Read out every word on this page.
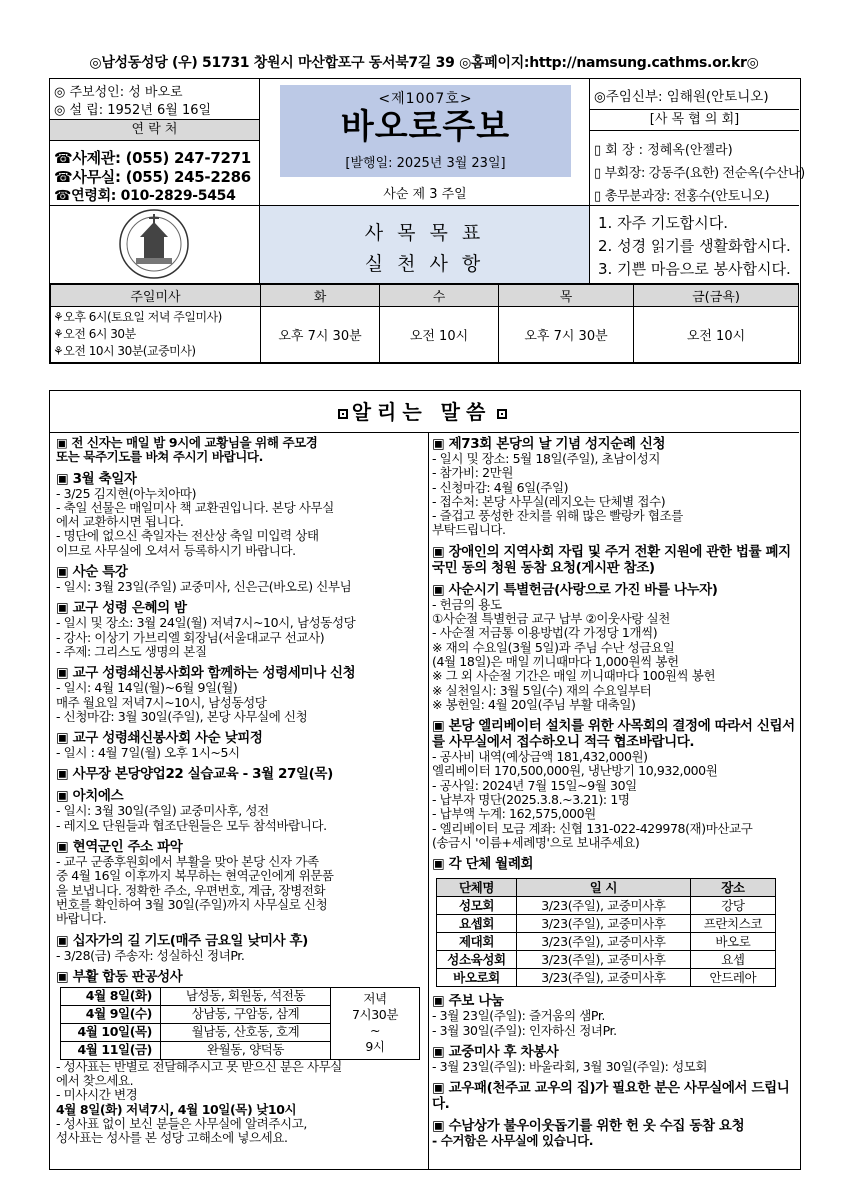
◎남성동성당 (우) 51731 창원시 마산합포구 동서북7길 39 ◎홈페이지:http://namsung.cathms.or.kr◎
◎ 주보성인: 성 바오로
◎ 설 립: 1952년 6월 16일
연 락 처
☎사제관: (055) 247-7271
☎사무실: (055) 245-2286
☎연령회: 010-2829-5454
<제1007호>
바오로주보
[발행일: 2025년 3월 23일]
사순 제 3 주일
◎주임신부: 임해원(안토니오)
[사 목 협 의 회]
▯ 회 장 : 정혜옥(안젤라)
▯ 부회장: 강동주(요한) 전순옥(수산나)
▯ 총무분과장: 전홍수(안토니오)
사 목 목 표
실 천 사 항
1. 자주 기도합시다.
2. 성경 읽기를 생활화합시다.
3. 기쁜 마음으로 봉사합시다.
주일미사	화	수	목	금(금욕)

⚘오후 6시(토요일 저녁 주일미사)
⚘오전 6시 30분
⚘오전 10시 30분(교중미사)	오후 7시 30분	오전 10시	오후 7시 30분	오전 10시
알리는 말씀
▣ 전 신자는 매일 밤 9시에 교황님을 위해 주모경
또는 묵주기도를 바쳐 주시기 바랍니다.
▣ 3월 축일자
- 3/25 김지현(아누치아따)
- 축일 선물은 매일미사 책 교환권입니다. 본당 사무실
에서 교환하시면 됩니다.
- 명단에 없으신 축일자는 전산상 축일 미입력 상태
이므로 사무실에 오셔서 등록하시기 바랍니다.
▣ 사순 특강
- 일시: 3월 23일(주일) 교중미사, 신은근(바오로) 신부님
▣ 교구 성령 은혜의 밤
- 일시 및 장소: 3월 24일(월) 저녁7시~10시, 남성동성당
- 강사: 이상기 가브리엘 회장님(서울대교구 선교사)
- 주제: 그리스도 생명의 본질
▣ 교구 성령쇄신봉사회와 함께하는 성령세미나 신청
- 일시: 4월 14일(월)~6월 9일(월)
매주 월요일 저녁7시~10시, 남성동성당
- 신청마감: 3월 30일(주일), 본당 사무실에 신청
▣ 교구 성령쇄신봉사회 사순 낮피정
- 일시 : 4월 7일(월) 오후 1시~5시
▣ 사무장 본당양업22 실습교육 - 3월 27일(목)
▣ 아치에스
- 일시: 3월 30일(주일) 교중미사후, 성전
- 레지오 단원들과 협조단원들은 모두 참석바랍니다.
▣ 현역군인 주소 파악
- 교구 군종후원회에서 부활을 맞아 본당 신자 가족
중 4월 16일 이후까지 복무하는 현역군인에게 위문품
을 보냅니다. 정확한 주소, 우편번호, 계급, 장병전화
번호를 확인하여 3월 30일(주일)까지 사무실로 신청
바랍니다.
▣ 십자가의 길 기도(매주 금요일 낮미사 후)
- 3/28(금) 주송자: 성실하신 정녀Pr.
▣ 부활 합동 판공성사
4월 8일(화)	남성동, 회원동, 석전동	저녁
7시30분
~
9시

4월 9일(수)	상남동, 구암동, 삼계	
4월 10일(목)	월남동, 산호동, 호계	
4월 11일(금)	완월동, 양덕동	
- 성사표는 반별로 전달해주시고 못 받으신 분은 사무실
에서 찾으세요.
- 미사시간 변경
4월 8일(화) 저녁7시, 4월 10일(목) 낮10시
- 성사표 없이 보신 분들은 사무실에 알려주시고,
성사표는 성사를 본 성당 고해소에 넣으세요.
▣ 제73회 본당의 날 기념 성지순례 신청
- 일시 및 장소: 5월 18일(주일), 초남이성지
- 참가비: 2만원
- 신청마감: 4월 6일(주일)
- 접수처: 본당 사무실(레지오는 단체별 접수)
- 즐겁고 풍성한 잔치를 위해 많은 빨랑카 협조를
부탁드립니다.
▣ 장애인의 지역사회 자립 및 주거 전환 지원에 관한 법률 폐지 국민 동의 청원 동참 요청(게시판 참조)
▣ 사순시기 특별헌금(사랑으로 가진 바를 나누자)
- 헌금의 용도
①사순절 특별헌금 교구 납부 ②이웃사랑 실천
- 사순절 저금통 이용방법(각 가정당 1개씩)
※ 재의 수요일(3월 5일)과 주님 수난 성금요일
(4월 18일)은 매일 끼니때마다 1,000원씩 봉헌
※ 그 외 사순절 기간은 매일 끼니때마다 100원씩 봉헌
※ 실천일시: 3월 5일(수) 재의 수요일부터
※ 봉헌일: 4월 20일(주님 부활 대축일)
▣ 본당 엘리베이터 설치를 위한 사목회의 결정에 따라서 신립서를 사무실에서 접수하오니 적극 협조바랍니다.
- 공사비 내역(예상금액 181,432,000원)
엘리베이터 170,500,000원, 냉난방기 10,932,000원
- 공사일: 2024년 7월 15일~9월 30일
- 납부자 명단(2025.3.8.~3.21): 1명
- 납부액 누계: 162,575,000원
- 엘리베이터 모금 계좌: 신협 131-022-429978(재)마산교구
(송금시 '이름+세례명'으로 보내주세요)
▣ 각 단체 월례회
단체명	일 시	장소
성모회	3/23(주일), 교중미사후	강당
요셉회	3/23(주일), 교중미사후	프란치스코
제대회	3/23(주일), 교중미사후	바오로
성소육성회	3/23(주일), 교중미사후	요셉
바오로회	3/23(주일), 교중미사후	안드레아
▣ 주보 나눔
- 3월 23일(주일): 즐거움의 샘Pr.
- 3월 30일(주일): 인자하신 정녀Pr.
▣ 교중미사 후 차봉사
- 3월 23일(주일): 바울라회, 3월 30일(주일): 성모회
▣ 교우패(천주교 교우의 집)가 필요한 분은 사무실에서 드립니다.
▣ 수남상가 불우이웃돕기를 위한 헌 옷 수집 동참 요청
- 수거함은 사무실에 있습니다.
